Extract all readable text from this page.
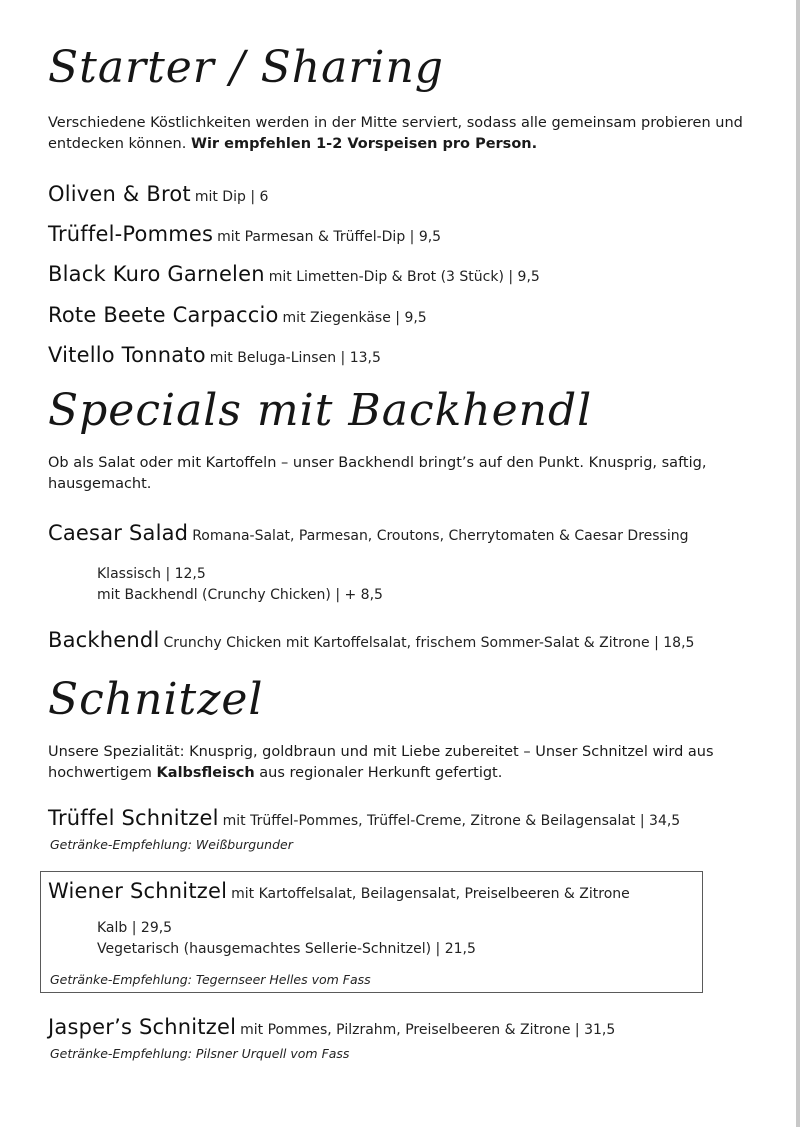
Starter / Sharing
Verschiedene Köstlichkeiten werden in der Mitte serviert, sodass alle gemeinsam probieren und entdecken können. Wir empfehlen 1-2 Vorspeisen pro Person.
Oliven & Brot mit Dip | 6
Trüffel-Pommes mit Parmesan & Trüffel-Dip | 9,5
Black Kuro Garnelen mit Limetten-Dip & Brot (3 Stück) | 9,5
Rote Beete Carpaccio mit Ziegenkäse | 9,5
Vitello Tonnato mit Beluga-Linsen | 13,5
Specials mit Backhendl
Ob als Salat oder mit Kartoffeln – unser Backhendl bringt’s auf den Punkt. Knusprig, saftig, hausgemacht.
Caesar Salad Romana-Salat, Parmesan, Croutons, Cherrytomaten & Caesar Dressing
Klassisch | 12,5
mit Backhendl (Crunchy Chicken) | + 8,5
Backhendl Crunchy Chicken mit Kartoffelsalat, frischem Sommer-Salat & Zitrone | 18,5
Schnitzel
Unsere Spezialität: Knusprig, goldbraun und mit Liebe zubereitet – Unser Schnitzel wird aus hochwertigem Kalbsfleisch aus regionaler Herkunft gefertigt.
Trüffel Schnitzel mit Trüffel-Pommes, Trüffel-Creme, Zitrone & Beilagensalat | 34,5
Getränke-Empfehlung: Weißburgunder
Wiener Schnitzel mit Kartoffelsalat, Beilagensalat, Preiselbeeren & Zitrone
Kalb | 29,5
Vegetarisch (hausgemachtes Sellerie-Schnitzel) | 21,5
Getränke-Empfehlung: Tegernseer Helles vom Fass
Jasper’s Schnitzel mit Pommes, Pilzrahm, Preiselbeeren & Zitrone | 31,5
Getränke-Empfehlung: Pilsner Urquell vom Fass
